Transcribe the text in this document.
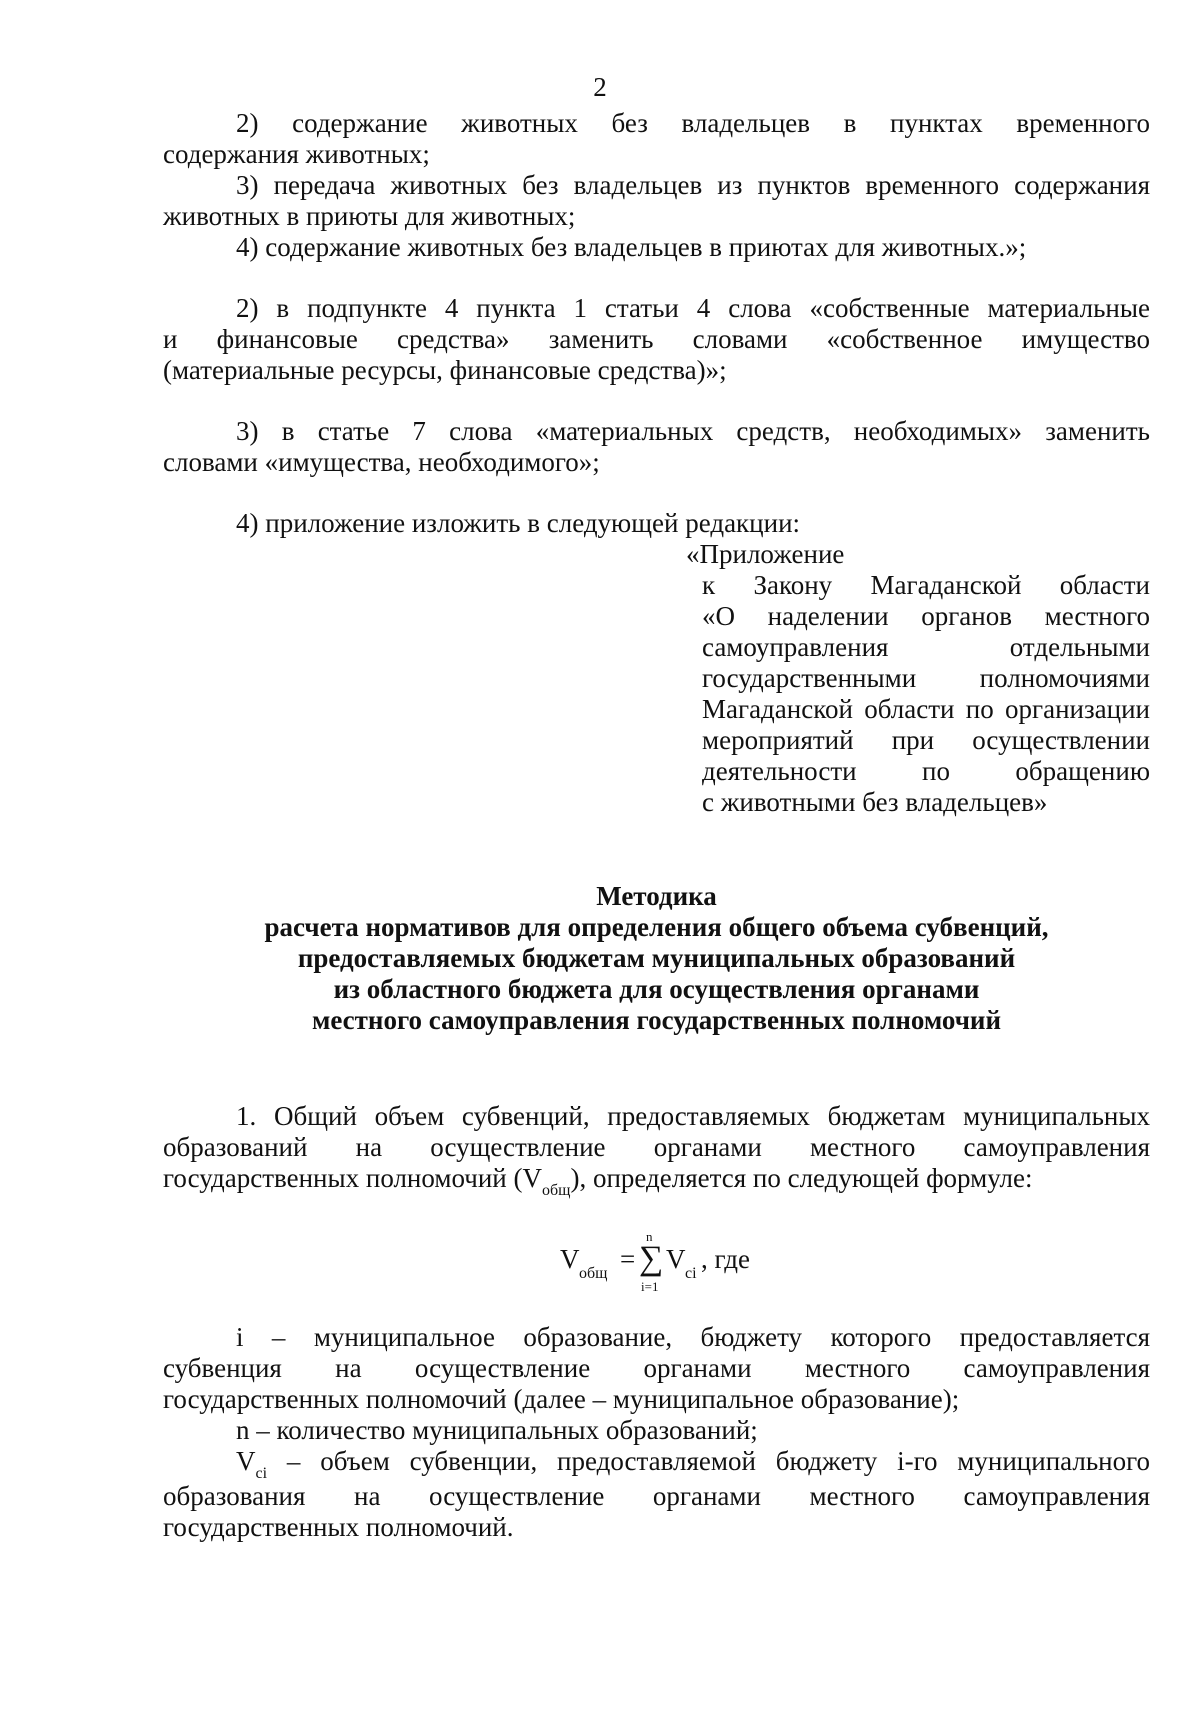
2
2) содержание животных без владельцев в пунктах временного
содержания животных;
3) передача животных без владельцев из пунктов временного содержания
животных в приюты для животных;
4) содержание животных без владельцев в приютах для животных.»;
2) в подпункте 4 пункта 1 статьи 4 слова «собственные материальные
и финансовые средства» заменить словами «собственное имущество
(материальные ресурсы, финансовые средства)»;
3) в статье 7 слова «материальных средств, необходимых» заменить
словами «имущества, необходимого»;
4) приложение изложить в следующей редакции:
«Приложение
к Закону Магаданской области
«О наделении органов местного
самоуправления отдельными
государственными полномочиями
Магаданской области по организации
мероприятий при осуществлении
деятельности по обращению
с животными без владельцев»
Методика
расчета нормативов для определения общего объема субвенций,
предоставляемых бюджетам муниципальных образований
из областного бюджета для осуществления органами
местного самоуправления государственных полномочий
1. Общий объем субвенций, предоставляемых бюджетам муниципальных
образований на осуществление органами местного самоуправления
государственных полномочий $(V_{общ})$, определяется по следующей формуле:
V общ =
n
∑
i=1
V ci , где
i – муниципальное образование, бюджету которого предоставляется
субвенция на осуществление органами местного самоуправления
государственных полномочий (далее – муниципальное образование);
n – количество муниципальных образований;
$V_{ci}$ – объем субвенции, предоставляемой бюджету i-го муниципального
образования на осуществление органами местного самоуправления
государственных полномочий.
